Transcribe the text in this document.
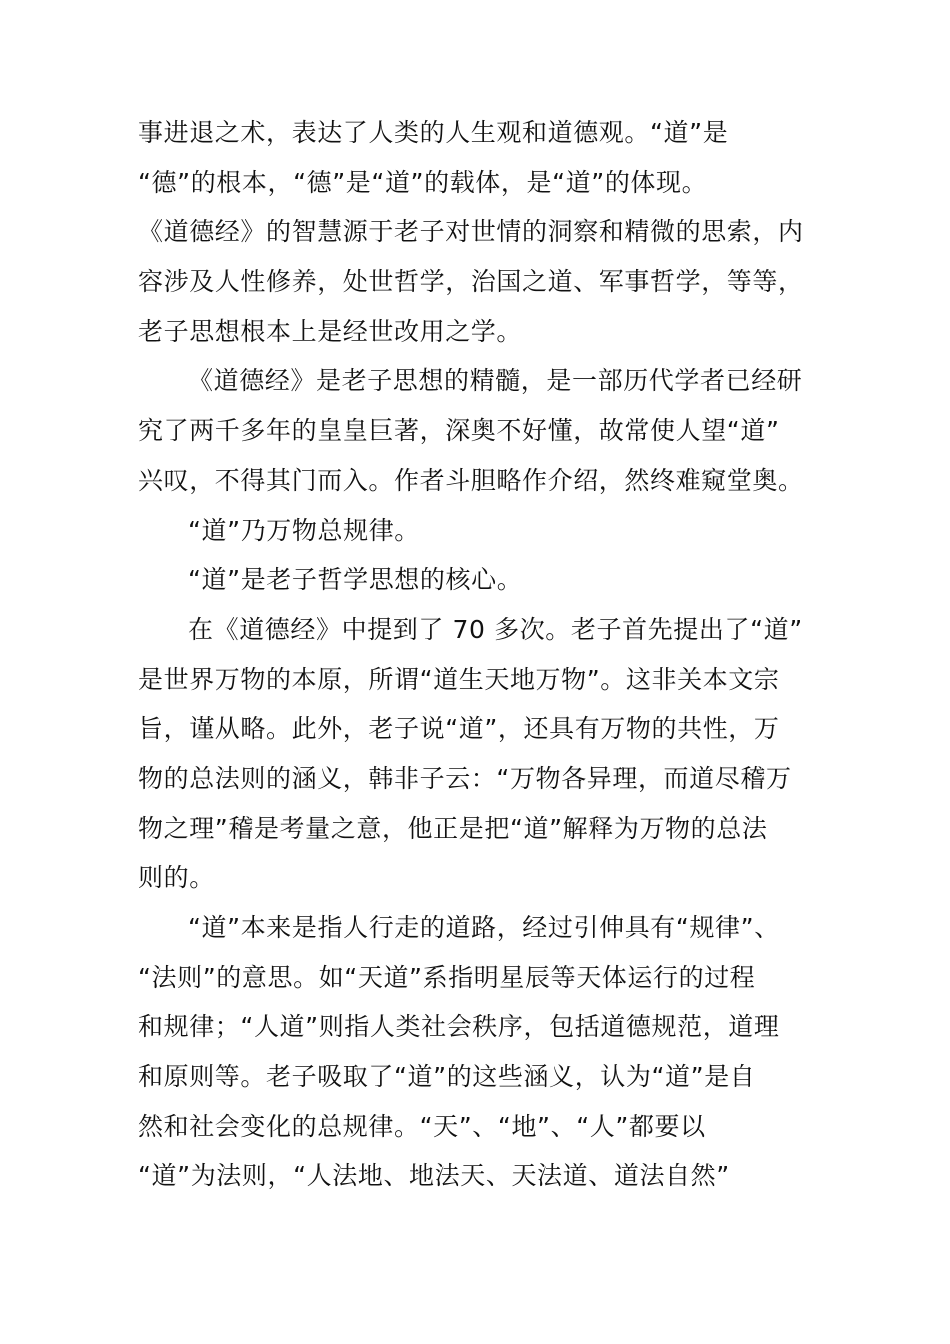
事进退之术，表达了人类的人生观和道德观。“道”是
“德”的根本，“德”是“道”的载体，是“道”的体现。
《道德经》的智慧源于老子对世情的洞察和精微的思索，内
容涉及人性修养，处世哲学，治国之道、军事哲学，等等，
老子思想根本上是经世改用之学。
《道德经》是老子思想的精髓，是一部历代学者已经研
究了两千多年的皇皇巨著，深奥不好懂，故常使人望“道”
兴叹，不得其门而入。作者斗胆略作介绍，然终难窥堂奥。
“道”乃万物总规律。
“道”是老子哲学思想的核心。
在《道德经》中提到了 70 多次。老子首先提出了“道”
是世界万物的本原，所谓“道生天地万物”。这非关本文宗
旨，谨从略。此外，老子说“道”，还具有万物的共性，万
物的总法则的涵义，韩非子云：“万物各异理，而道尽稽万
物之理”稽是考量之意，他正是把“道”解释为万物的总法
则的。
“道”本来是指人行走的道路，经过引伸具有“规律”、
“法则”的意思。如“天道”系指明星辰等天体运行的过程
和规律；“人道”则指人类社会秩序，包括道德规范，道理
和原则等。老子吸取了“道”的这些涵义，认为“道”是自
然和社会变化的总规律。“天”、“地”、“人”都要以
“道”为法则，“人法地、地法天、天法道、道法自然”
